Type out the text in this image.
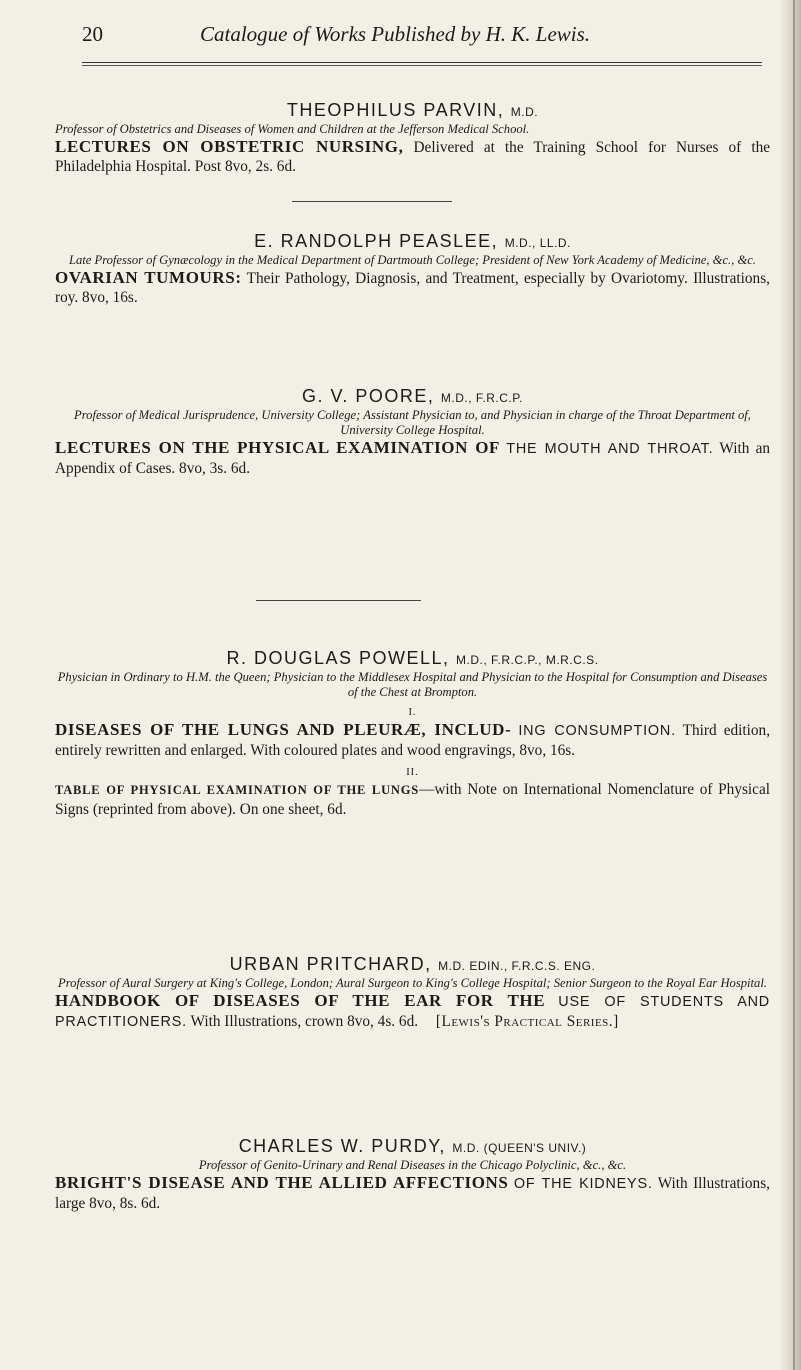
20	Catalogue of Works Published by H. K. Lewis.
THEOPHILUS PARVIN, M.D.
Professor of Obstetrics and Diseases of Women and Children at the Jefferson Medical School.
LECTURES ON OBSTETRIC NURSING, Delivered at the Training School for Nurses of the Philadelphia Hospital. Post 8vo, 2s. 6d.
E. RANDOLPH PEASLEE, M.D., LL.D.
Late Professor of Gynæcology in the Medical Department of Dartmouth College; President of New York Academy of Medicine, &c., &c.
OVARIAN TUMOURS: Their Pathology, Diagnosis, and Treatment, especially by Ovariotomy. Illustrations, roy. 8vo, 16s.
G. V. POORE, M.D., F.R.C.P.
Professor of Medical Jurisprudence, University College; Assistant Physician to, and Physician in charge of the Throat Department of, University College Hospital.
LECTURES ON THE PHYSICAL EXAMINATION OF THE MOUTH AND THROAT. With an Appendix of Cases. 8vo, 3s. 6d.
R. DOUGLAS POWELL, M.D., F.R.C.P., M.R.C.S.
Physician in Ordinary to H.M. the Queen; Physician to the Middlesex Hospital and Physician to the Hospital for Consumption and Diseases of the Chest at Brompton.
I.
DISEASES OF THE LUNGS AND PLEURÆ, INCLUD- ING CONSUMPTION. Third edition, entirely rewritten and enlarged. With coloured plates and wood engravings, 8vo, 16s.
II.
TABLE OF PHYSICAL EXAMINATION OF THE LUNGS—with Note on International Nomenclature of Physical Signs (reprinted from above). On one sheet, 6d.
URBAN PRITCHARD, M.D. EDIN., F.R.C.S. ENG.
Professor of Aural Surgery at King's College, London; Aural Surgeon to King's College Hospital; Senior Surgeon to the Royal Ear Hospital.
HANDBOOK OF DISEASES OF THE EAR FOR THE USE OF STUDENTS AND PRACTITIONERS. With Illustrations, crown 8vo, 4s. 6d. [Lewis's Practical Series.]
CHARLES W. PURDY, M.D. (QUEEN'S UNIV.)
Professor of Genito-Urinary and Renal Diseases in the Chicago Polyclinic, &c., &c.
BRIGHT'S DISEASE AND THE ALLIED AFFECTIONS OF THE KIDNEYS. With Illustrations, large 8vo, 8s. 6d.
